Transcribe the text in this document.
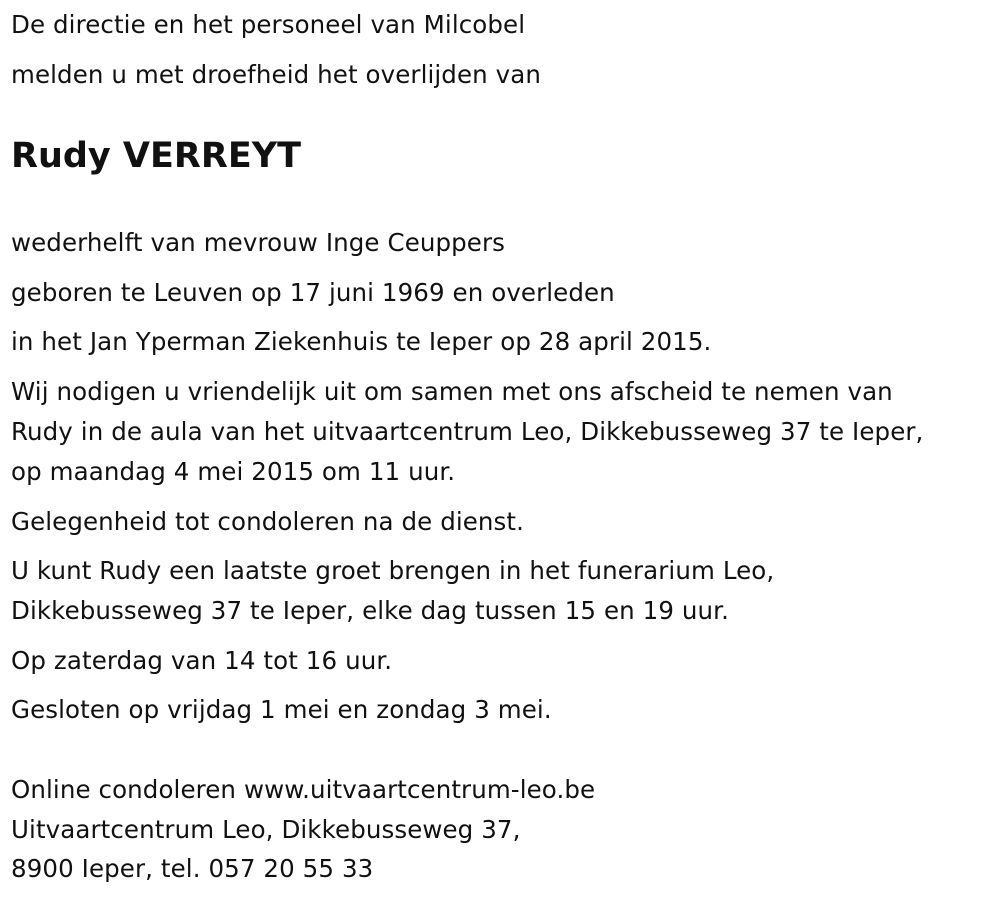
De directie en het personeel van Milcobel
melden u met droefheid het overlijden van
Rudy VERREYT
wederhelft van mevrouw Inge Ceuppers
geboren te Leuven op 17 juni 1969 en overleden
in het Jan Yperman Ziekenhuis te Ieper op 28 april 2015.
Wij nodigen u vriendelijk uit om samen met ons afscheid te nemen van
Rudy in de aula van het uitvaartcentrum Leo, Dikkebusseweg 37 te Ieper,
op maandag 4 mei 2015 om 11 uur.
Gelegenheid tot condoleren na de dienst.
U kunt Rudy een laatste groet brengen in het funerarium Leo,
Dikkebusseweg 37 te Ieper, elke dag tussen 15 en 19 uur.
Op zaterdag van 14 tot 16 uur.
Gesloten op vrijdag 1 mei en zondag 3 mei.
Online condoleren www.uitvaartcentrum-leo.be
Uitvaartcentrum Leo, Dikkebusseweg 37,
8900 Ieper, tel. 057 20 55 33
